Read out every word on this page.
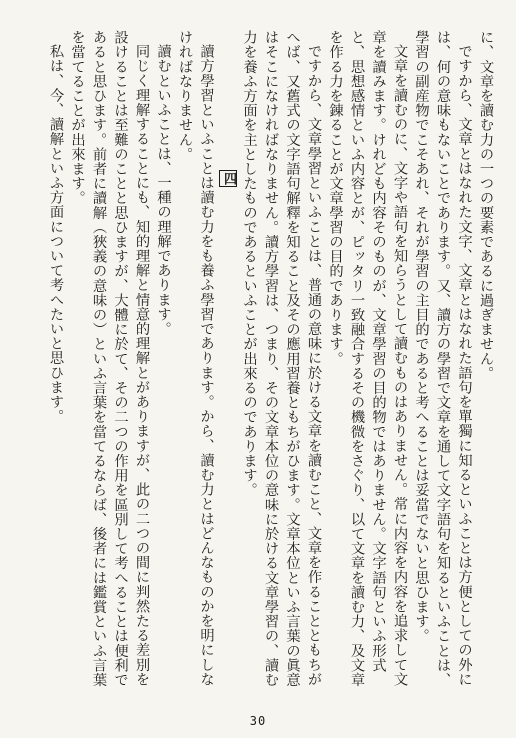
に、文章を讀む力の一つの要素であるに過ぎません。

ですから、文章とはなれた文字、文章とはなれた語句を單獨に知るといふことは方便としての外には、何の意味もないことであります。又、讀方の學習で文章を通して文字語句を知るといふことは、學習の副産物でこそあれ、それが學習の主目的であると考へることは妥當でないと思ひます。

文章を讀むのに、文字や語句を知らうとして讀むものはありません。常に内容を内容を追求して文章を讀みます。けれども内容そのものが、文章學習の目的物ではありません。文字語句といふ形式と、思想感情といふ内容とが、ピッタリ一致融合するその機微をさぐり、以て文章を讀む力、及文章を作る力を錬ることが文章學習の目的であります。

ですから、文章學習といふことは、普通の意味に於ける文章を讀むこと、文章を作ることともちがへば、又舊式の文字語句解釋を知ること及その應用習養ともちがひます。文章本位といふ言葉の眞意はそこになければなりません。讀方學習は、つまり、その文章本位の意味に於ける文章學習の、讀む力を養ふ方面を主としたものであるといふことが出來るのであります。

四

讀方學習といふことは讀む力をも養ふ學習であります。から、讀む力とはどんなものかを明にしなければなりません。

讀むといふことは、一種の理解であります。

同じく理解することにも、知的理解と情意的理解とがありますが、此の二つの間に判然たる差別を設けることは至難のことと思ひますが、大體に於て、その二つの作用を區別して考へることは便利であると思ひます。前者に讀解（狹義の意味の）といふ言葉を當てるならば、後者には鑑賞といふ言葉を當てることが出來ます。

私は、今、讀解といふ方面について考へたいと思ひます。

30
